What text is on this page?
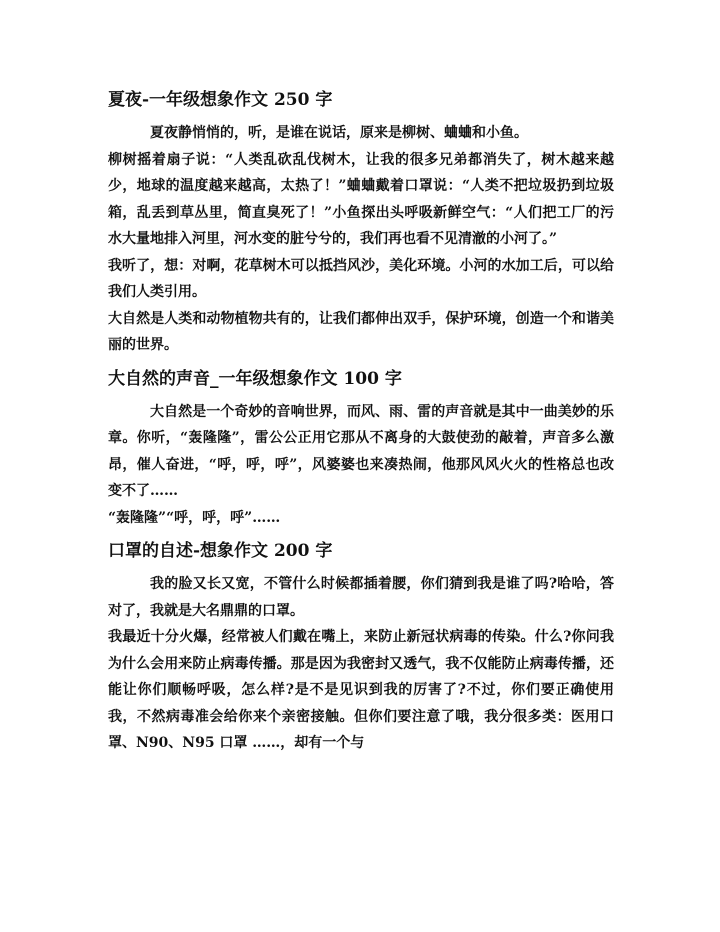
夏夜-一年级想象作文 250 字

夏夜静悄悄的，听，是谁在说话，原来是柳树、蛐蛐和小鱼。

柳树摇着扇子说：“人类乱砍乱伐树木，让我的很多兄弟都消失了，树木越来越少，地球的温度越来越高，太热了！”蛐蛐戴着口罩说：“人类不把垃圾扔到垃圾箱，乱丢到草丛里，简直臭死了！”小鱼探出头呼吸新鲜空气：“人们把工厂的污水大量地排入河里，河水变的脏兮兮的，我们再也看不见清澈的小河了。”

我听了，想：对啊，花草树木可以抵挡风沙，美化环境。小河的水加工后，可以给我们人类引用。

大自然是人类和动物植物共有的，让我们都伸出双手，保护环境，创造一个和谐美丽的世界。

大自然的声音_一年级想象作文 100 字

大自然是一个奇妙的音响世界，而风、雨、雷的声音就是其中一曲美妙的乐章。你听，“轰隆隆”，雷公公正用它那从不离身的大鼓使劲的敲着，声音多么激昂，催人奋进，“呼，呼，呼”，风婆婆也来凑热闹，他那风风火火的性格总也改变不了……

“轰隆隆”“呼，呼，呼”……

口罩的自述-想象作文 200 字

我的脸又长又宽，不管什么时候都插着腰，你们猜到我是谁了吗?哈哈，答对了，我就是大名鼎鼎的口罩。

我最近十分火爆，经常被人们戴在嘴上，来防止新冠状病毒的传染。什么?你问我为什么会用来防止病毒传播。那是因为我密封又透气，我不仅能防止病毒传播，还能让你们顺畅呼吸，怎么样?是不是见识到我的厉害了?不过，你们要正确使用我，不然病毒准会给你来个亲密接触。但你们要注意了哦，我分很多类：医用口罩、N90、N95 口罩 ……，却有一个与
